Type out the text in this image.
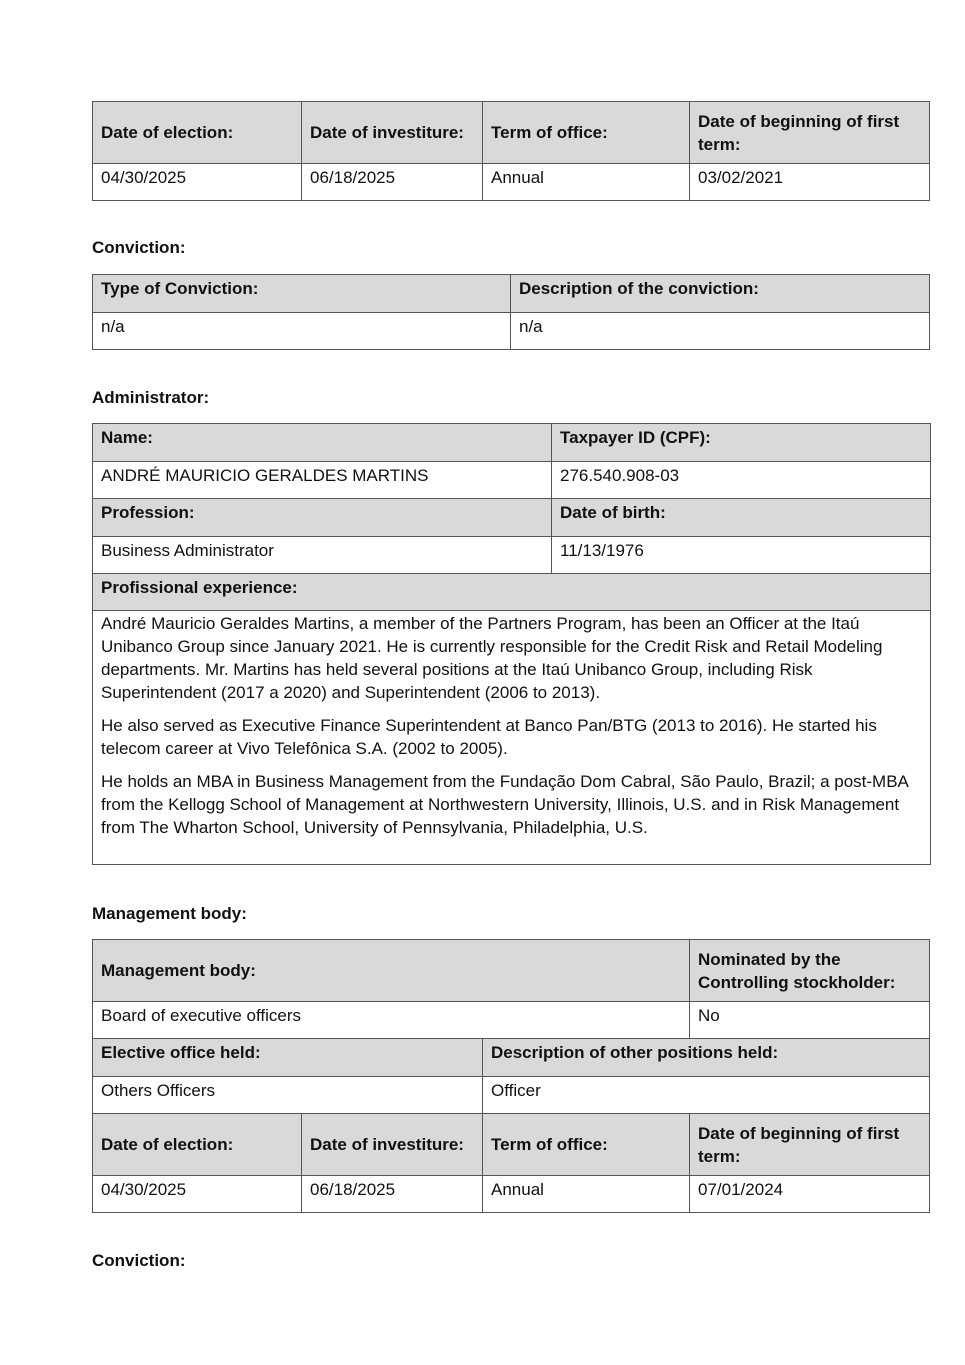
Date of election:	Date of investiture:	Term of office:	Date of beginning of first term:
04/30/2025	06/18/2025	Annual	03/02/2021
Conviction:
Type of Conviction:	Description of the conviction:
n/a	n/a
Administrator:
Name:	Taxpayer ID (CPF):
ANDRÉ MAURICIO GERALDES MARTINS	276.540.908-03
Profession:	Date of birth:
Business Administrator	11/13/1976
Profissional experience:	

André Mauricio Geraldes Martins, a member of the Partners Program, has been an Officer at the Itaú Unibanco Group since January 2021. He is currently responsible for the Credit Risk and Retail Modeling departments. Mr. Martins has held several positions at the Itaú Unibanco Group, including Risk Superintendent (2017 a 2020) and Superintendent (2006 to 2013).

He also served as Executive Finance Superintendent at Banco Pan/BTG (2013 to 2016). He started his telecom career at Vivo Telefônica S.A. (2002 to 2005).

He holds an MBA in Business Management from the Fundação Dom Cabral, São Paulo, Brazil; a post-MBA from the Kellogg School of Management at Northwestern University, Illinois, U.S. and in Risk Management from The Wharton School, University of Pennsylvania, Philadelphia, U.S.	

Management body:
Management body:			Nominated by the Controlling stockholder:
Board of executive officers			No
Elective office held:		Description of other positions held:	
Others Officers		Officer	
Date of election:	Date of investiture:	Term of office:	Date of beginning of first term:
04/30/2025	06/18/2025	Annual	07/01/2024
Conviction:
